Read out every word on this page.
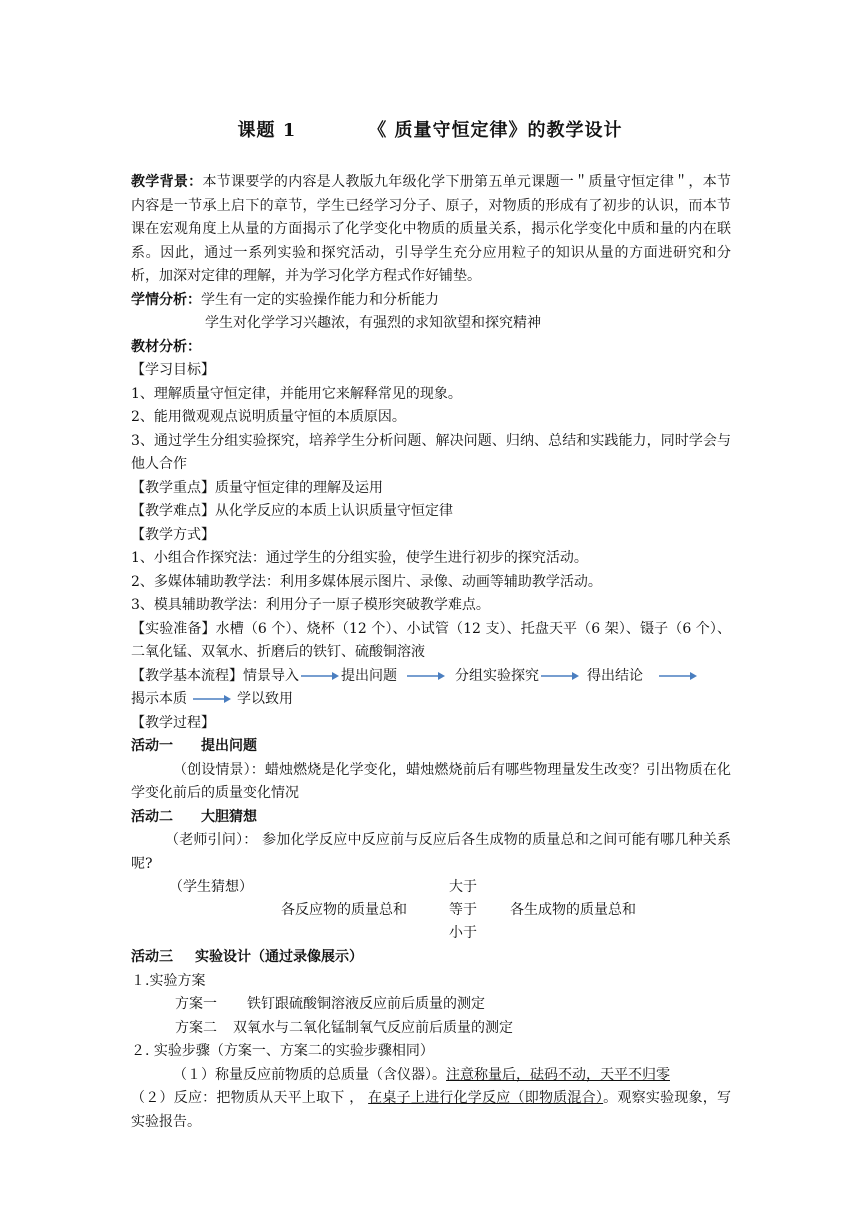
课题 1	《 质量守恒定律》的教学设计
教学背景：本节课要学的内容是人教版九年级化学下册第五单元课题一＂质量守恒定律＂，本节内容是一节承上启下的章节，学生已经学习分子、原子，对物质的形成有了初步的认识，而本节课在宏观角度上从量的方面揭示了化学变化中物质的质量关系，揭示化学变化中质和量的内在联系。因此，通过一系列实验和探究活动，引导学生充分应用粒子的知识从量的方面进研究和分析，加深对定律的理解，并为学习化学方程式作好铺垫。
学情分析：学生有一定的实验操作能力和分析能力
学生对化学学习兴趣浓，有强烈的求知欲望和探究精神
教材分析：
【学习目标】
1、理解质量守恒定律，并能用它来解释常见的现象。
2、能用微观观点说明质量守恒的本质原因。
3、通过学生分组实验探究，培养学生分析问题、解决问题、归纳、总结和实践能力，同时学会与他人合作
【教学重点】质量守恒定律的理解及运用
【教学难点】从化学反应的本质上认识质量守恒定律
【教学方式】
1、小组合作探究法：通过学生的分组实验，使学生进行初步的探究活动。
2、多媒体辅助教学法：利用多媒体展示图片、录像、动画等辅助教学活动。
3、模具辅助教学法：利用分子一原子模形突破教学难点。
【实验准备】水槽（6 个）、烧杯（12 个）、小试管（12 支）、托盘天平（6 架）、镊子（6 个）、二氧化锰、双氧水、折磨后的铁钉、硫酸铜溶液
【教学基本流程】情景导入	提出问题	分组实验探究	得出结论
揭示本质	学以致用
【教学过程】
活动一 提出问题
（创设情景）：蜡烛燃烧是化学变化，蜡烛燃烧前后有哪些物理量发生改变？引出物质在化学变化前后的质量变化情况
活动二 大胆猜想
（老师引问）： 参加化学反应中反应前与反应后各生成物的质量总和之间可能有哪几种关系呢?
（学生猜想）	大于
各反应物的质量总和	等于 各生成物的质量总和
小于
活动三 实验设计（通过录像展示）
１.实验方案
方案一 铁钉跟硫酸铜溶液反应前后质量的测定
方案二 双氧水与二氧化锰制氧气反应前后质量的测定
２. 实验步骤（方案一、方案二的实验步骤相同）
（１）称量反应前物质的总质量（含仪器）。注意称量后，砝码不动，天平不归零
（２）反应：把物质从天平上取下 ， 在桌子上进行化学反应（即物质混合）。观察实验现象，写实验报告。
